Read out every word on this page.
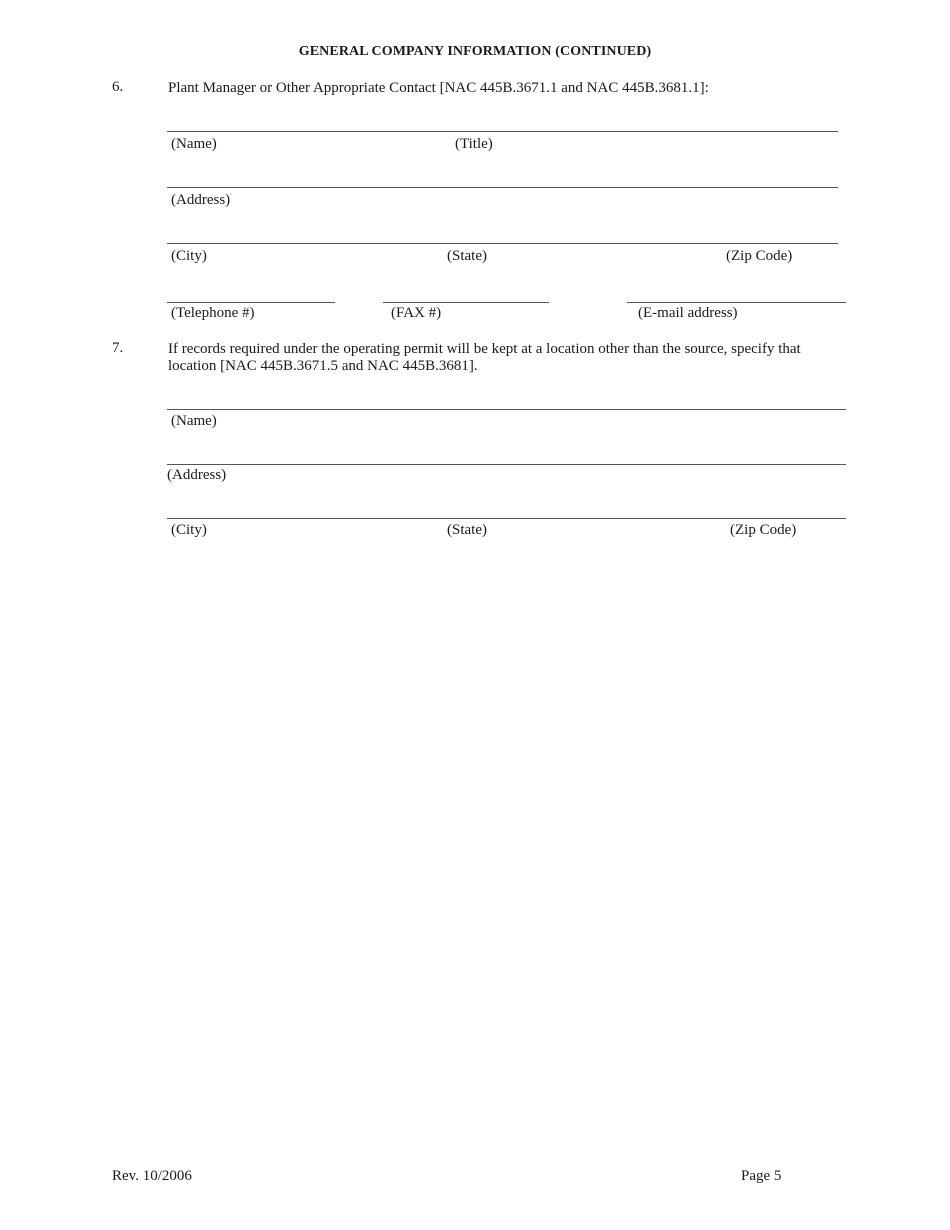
GENERAL COMPANY INFORMATION (CONTINUED)
6.	Plant Manager or Other Appropriate Contact [NAC 445B.3671.1 and NAC 445B.3681.1]:
(Name)	(Title)
(Address)
(City)	(State)	(Zip Code)
(Telephone #)	(FAX #)	(E-mail address)
7.	If records required under the operating permit will be kept at a location other than the source, specify that
location [NAC 445B.3671.5 and NAC 445B.3681].
(Name)
(Address)
(City)	(State)	(Zip Code)
Rev. 10/2006	Page 5
